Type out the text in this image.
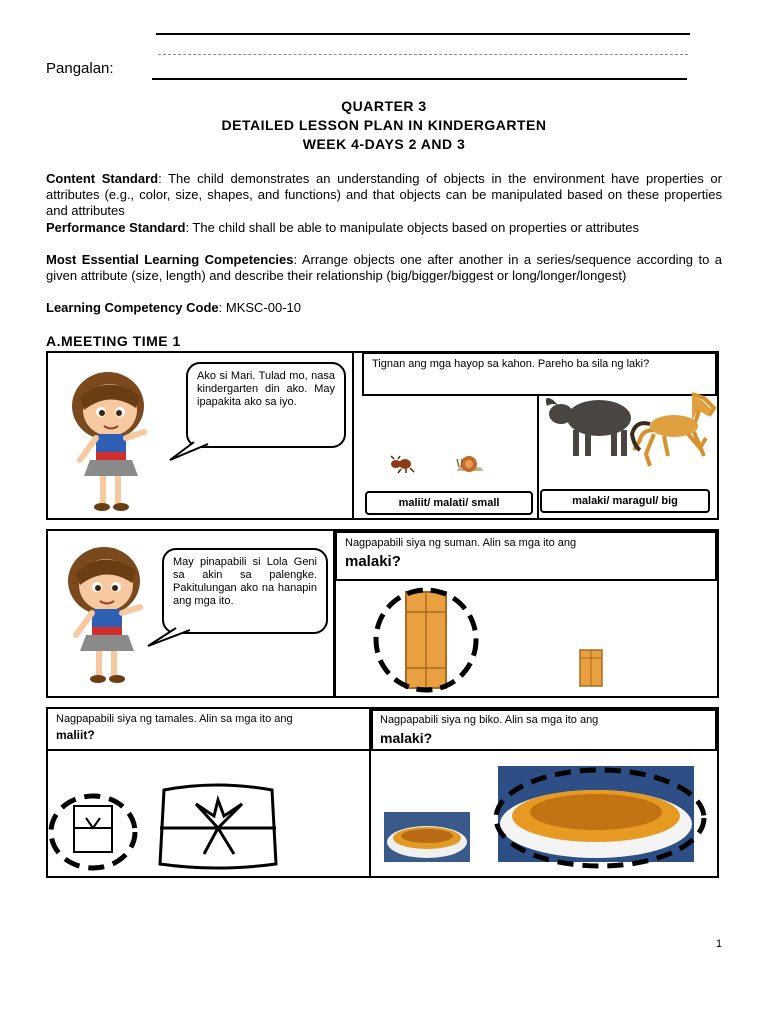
Pangalan:
QUARTER 3
DETAILED LESSON PLAN IN KINDERGARTEN
WEEK 4-DAYS 2 AND 3
Content Standard: The child demonstrates an understanding of objects in the environment have properties or attributes (e.g., color, size, shapes, and functions) and that objects can be manipulated based on these properties and attributes
Performance Standard: The child shall be able to manipulate objects based on properties or attributes
Most Essential Learning Competencies: Arrange objects one after another in a series/sequence according to a given attribute (size, length) and describe their relationship (big/bigger/biggest or long/longer/longest)
Learning Competency Code: MKSC-00-10
A.MEETING TIME 1
Tignan ang mga hayop sa kahon. Pareho ba sila ng laki?
Ako si Mari. Tulad mo, nasa kindergarten din ako. May ipapakita ako sa iyo.
maliit/ malati/ small	malaki/ maragul/ big
Nagpapabili siya ng suman. Alin sa mga ito ang
malaki?
May pinapabili si Lola Geni sa akin sa palengke. Pakitulungan ako na hanapin ang mga ito.
Nagpapabili siya ng tamales. Alin sa mga ito ang
maliit?
Nagpapabili siya ng biko. Alin sa mga ito ang
malaki?
1
